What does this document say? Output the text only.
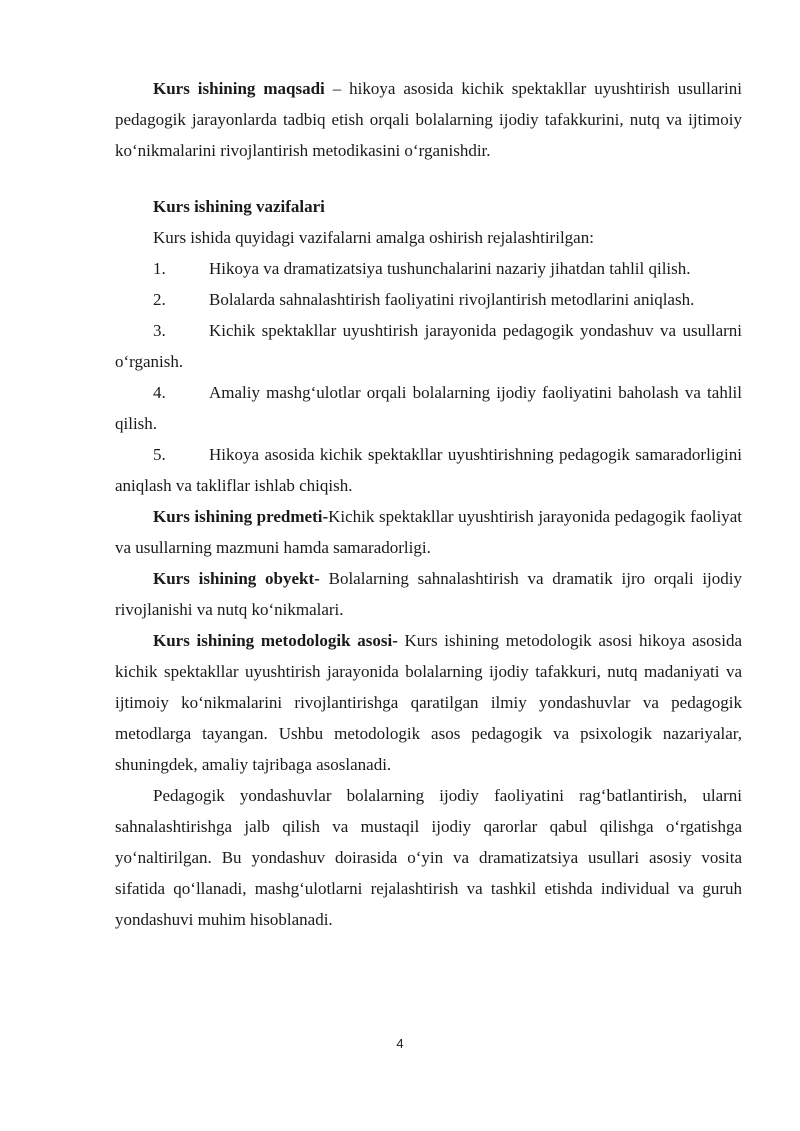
Kurs ishining maqsadi – hikoya asosida kichik spektakllar uyushtirish usullarini pedagogik jarayonlarda tadbiq etish orqali bolalarning ijodiy tafakkurini, nutq va ijtimoiy ko‘nikmalarini rivojlantirish metodikasini o‘rganishdir.

Kurs ishining vazifalari

Kurs ishida quyidagi vazifalarni amalga oshirish rejalashtirilgan:

1.	Hikoya va dramatizatsiya tushunchalarini nazariy jihatdan tahlil qilish.

2.	Bolalarda sahnalashtirish faoliyatini rivojlantirish metodlarini aniqlash.

3.	Kichik spektakllar uyushtirish jarayonida pedagogik yondashuv va usullarni o‘rganish.

4.	Amaliy mashg‘ulotlar orqali bolalarning ijodiy faoliyatini baholash va tahlil qilish.

5.	Hikoya asosida kichik spektakllar uyushtirishning pedagogik samaradorligini aniqlash va takliflar ishlab chiqish.

Kurs ishining predmeti-Kichik spektakllar uyushtirish jarayonida pedagogik faoliyat va usullarning mazmuni hamda samaradorligi.

Kurs ishining obyekt- Bolalarning sahnalashtirish va dramatik ijro orqali ijodiy rivojlanishi va nutq ko‘nikmalari.

Kurs ishining metodologik asosi- Kurs ishining metodologik asosi hikoya asosida kichik spektakllar uyushtirish jarayonida bolalarning ijodiy tafakkuri, nutq madaniyati va ijtimoiy ko‘nikmalarini rivojlantirishga qaratilgan ilmiy yondashuvlar va pedagogik metodlarga tayangan. Ushbu metodologik asos pedagogik va psixologik nazariyalar, shuningdek, amaliy tajribaga asoslanadi.

Pedagogik yondashuvlar bolalarning ijodiy faoliyatini rag‘batlantirish, ularni sahnalashtirishga jalb qilish va mustaqil ijodiy qarorlar qabul qilishga o‘rgatishga yo‘naltirilgan. Bu yondashuv doirasida o‘yin va dramatizatsiya usullari asosiy vosita sifatida qo‘llanadi, mashg‘ulotlarni rejalashtirish va tashkil etishda individual va guruh yondashuvi muhim hisoblanadi.

4
